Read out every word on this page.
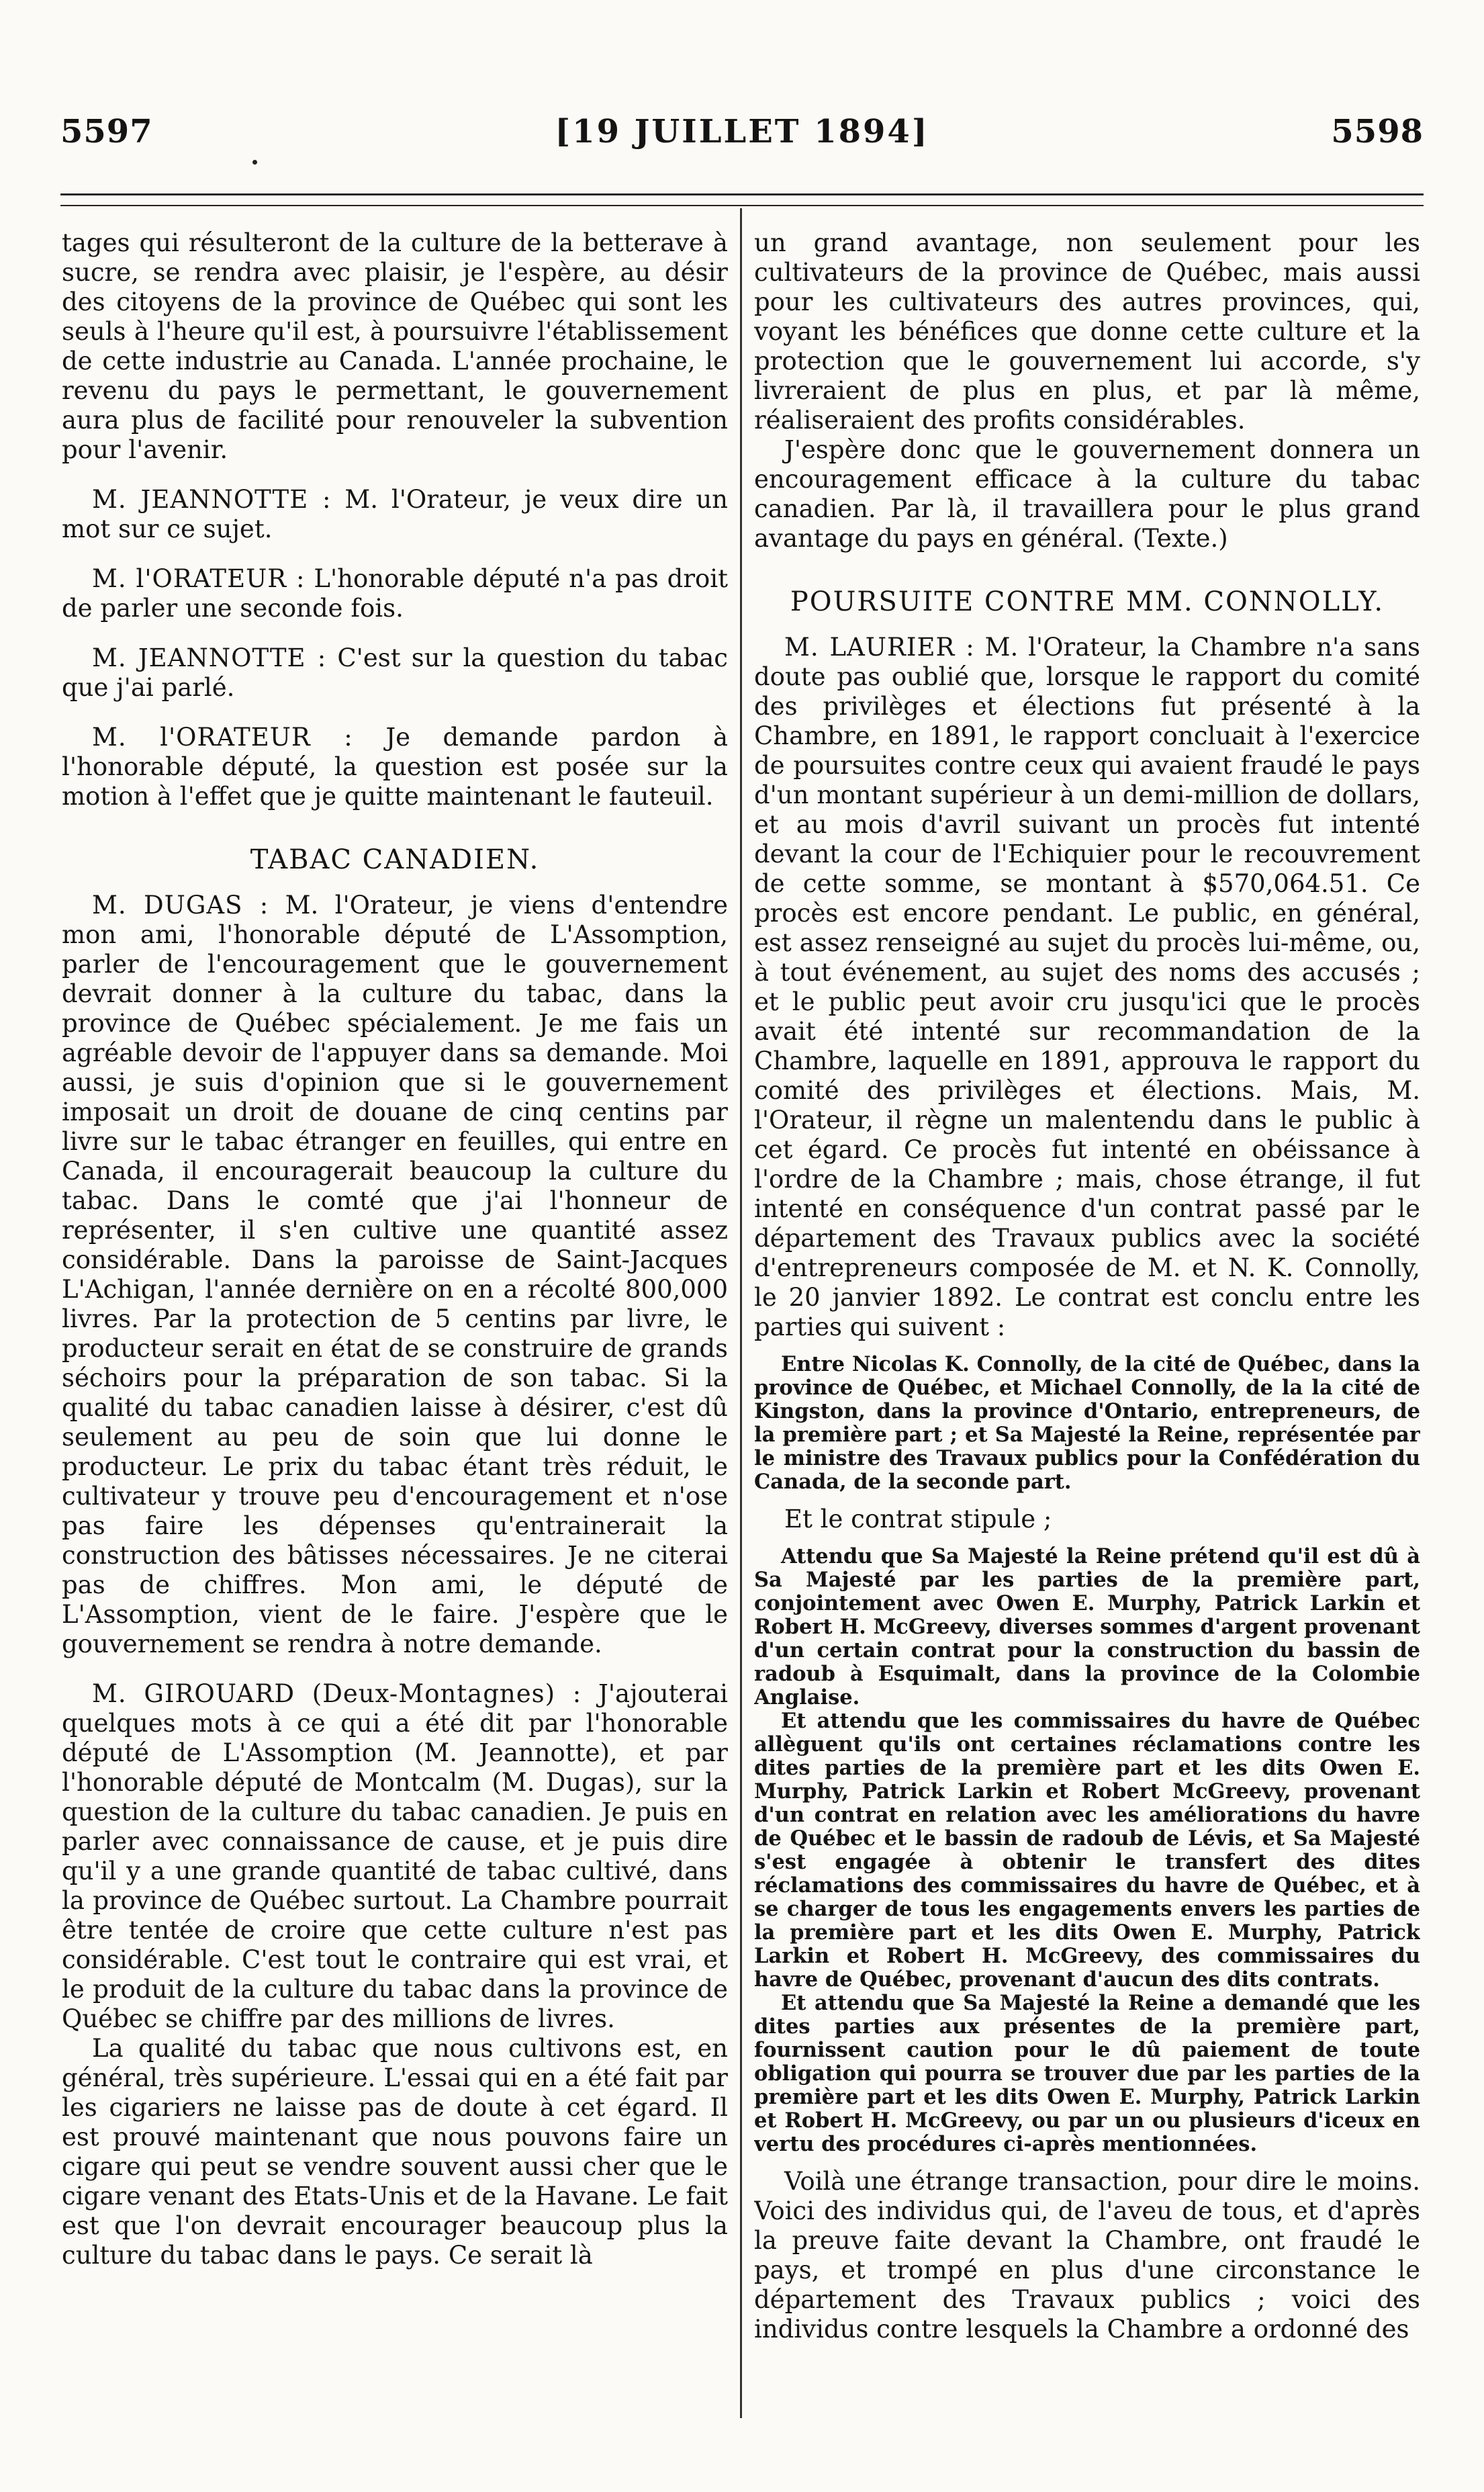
5597	[19 JUILLET 1894]	5598

tages qui résulteront de la culture de la betterave à sucre, se rendra avec plaisir, je l'espère, au désir des citoyens de la province de Québec qui sont les seuls à l'heure qu'il est, à poursuivre l'établissement de cette industrie au Canada. L'année prochaine, le revenu du pays le permettant, le gouvernement aura plus de facilité pour renouveler la subvention pour l'avenir.

M. JEANNOTTE : M. l'Orateur, je veux dire un mot sur ce sujet.

M. l'ORATEUR : L'honorable député n'a pas droit de parler une seconde fois.

M. JEANNOTTE : C'est sur la question du tabac que j'ai parlé.

M. l'ORATEUR : Je demande pardon à l'honorable député, la question est posée sur la motion à l'effet que je quitte maintenant le fauteuil.

TABAC CANADIEN.

M. DUGAS : M. l'Orateur, je viens d'entendre mon ami, l'honorable député de L'Assomption, parler de l'encouragement que le gouvernement devrait donner à la culture du tabac, dans la province de Québec spécialement. Je me fais un agréable devoir de l'appuyer dans sa demande. Moi aussi, je suis d'opinion que si le gouvernement imposait un droit de douane de cinq centins par livre sur le tabac étranger en feuilles, qui entre en Canada, il encouragerait beaucoup la culture du tabac. Dans le comté que j'ai l'honneur de représenter, il s'en cultive une quantité assez considérable. Dans la paroisse de Saint-Jacques L'Achigan, l'année dernière on en a récolté 800,000 livres. Par la protection de 5 centins par livre, le producteur serait en état de se construire de grands séchoirs pour la préparation de son tabac. Si la qualité du tabac canadien laisse à désirer, c'est dû seulement au peu de soin que lui donne le producteur. Le prix du tabac étant très réduit, le cultivateur y trouve peu d'encouragement et n'ose pas faire les dépenses qu'entrainerait la construction des bâtisses nécessaires. Je ne citerai pas de chiffres. Mon ami, le député de L'Assomption, vient de le faire. J'espère que le gouvernement se rendra à notre demande.

M. GIROUARD (Deux-Montagnes) : J'ajouterai quelques mots à ce qui a été dit par l'honorable député de L'Assomption (M. Jeannotte), et par l'honorable député de Montcalm (M. Dugas), sur la question de la culture du tabac canadien. Je puis en parler avec connaissance de cause, et je puis dire qu'il y a une grande quantité de tabac cultivé, dans la province de Québec surtout. La Chambre pourrait être tentée de croire que cette culture n'est pas considérable. C'est tout le contraire qui est vrai, et le produit de la culture du tabac dans la province de Québec se chiffre par des millions de livres.

La qualité du tabac que nous cultivons est, en général, très supérieure. L'essai qui en a été fait par les cigariers ne laisse pas de doute à cet égard. Il est prouvé maintenant que nous pouvons faire un cigare qui peut se vendre souvent aussi cher que le cigare venant des Etats-Unis et de la Havane. Le fait est que l'on devrait encourager beaucoup plus la culture du tabac dans le pays. Ce serait là

un grand avantage, non seulement pour les cultivateurs de la province de Québec, mais aussi pour les cultivateurs des autres provinces, qui, voyant les bénéfices que donne cette culture et la protection que le gouvernement lui accorde, s'y livreraient de plus en plus, et par là même, réaliseraient des profits considérables.

J'espère donc que le gouvernement donnera un encouragement efficace à la culture du tabac canadien. Par là, il travaillera pour le plus grand avantage du pays en général. (Texte.)

POURSUITE CONTRE MM. CONNOLLY.

M. LAURIER : M. l'Orateur, la Chambre n'a sans doute pas oublié que, lorsque le rapport du comité des privilèges et élections fut présenté à la Chambre, en 1891, le rapport concluait à l'exercice de poursuites contre ceux qui avaient fraudé le pays d'un montant supérieur à un demi-million de dollars, et au mois d'avril suivant un procès fut intenté devant la cour de l'Echiquier pour le recouvrement de cette somme, se montant à $570,064.51. Ce procès est encore pendant. Le public, en général, est assez renseigné au sujet du procès lui-même, ou, à tout événement, au sujet des noms des accusés ; et le public peut avoir cru jusqu'ici que le procès avait été intenté sur recommandation de la Chambre, laquelle en 1891, approuva le rapport du comité des privilèges et élections. Mais, M. l'Orateur, il règne un malentendu dans le public à cet égard. Ce procès fut intenté en obéissance à l'ordre de la Chambre ; mais, chose étrange, il fut intenté en conséquence d'un contrat passé par le département des Travaux publics avec la société d'entrepreneurs composée de M. et N. K. Connolly, le 20 janvier 1892. Le contrat est conclu entre les parties qui suivent :

Entre Nicolas K. Connolly, de la cité de Québec, dans la province de Québec, et Michael Connolly, de la la cité de Kingston, dans la province d'Ontario, entrepreneurs, de la première part ; et Sa Majesté la Reine, représentée par le ministre des Travaux publics pour la Confédération du Canada, de la seconde part.

Et le contrat stipule ;

Attendu que Sa Majesté la Reine prétend qu'il est dû à Sa Majesté par les parties de la première part, conjointement avec Owen E. Murphy, Patrick Larkin et Robert H. McGreevy, diverses sommes d'argent provenant d'un certain contrat pour la construction du bassin de radoub à Esquimalt, dans la province de la Colombie Anglaise.

Et attendu que les commissaires du havre de Québec allèguent qu'ils ont certaines réclamations contre les dites parties de la première part et les dits Owen E. Murphy, Patrick Larkin et Robert McGreevy, provenant d'un contrat en relation avec les améliorations du havre de Québec et le bassin de radoub de Lévis, et Sa Majesté s'est engagée à obtenir le transfert des dites réclamations des commissaires du havre de Québec, et à se charger de tous les engagements envers les parties de la première part et les dits Owen E. Murphy, Patrick Larkin et Robert H. McGreevy, des commissaires du havre de Québec, provenant d'aucun des dits contrats.

Et attendu que Sa Majesté la Reine a demandé que les dites parties aux présentes de la première part, fournissent caution pour le dû paiement de toute obligation qui pourra se trouver due par les parties de la première part et les dits Owen E. Murphy, Patrick Larkin et Robert H. McGreevy, ou par un ou plusieurs d'iceux en vertu des procédures ci-après mentionnées.

Voilà une étrange transaction, pour dire le moins. Voici des individus qui, de l'aveu de tous, et d'après la preuve faite devant la Chambre, ont fraudé le pays, et trompé en plus d'une circonstance le département des Travaux publics ; voici des individus contre lesquels la Chambre a ordonné des
